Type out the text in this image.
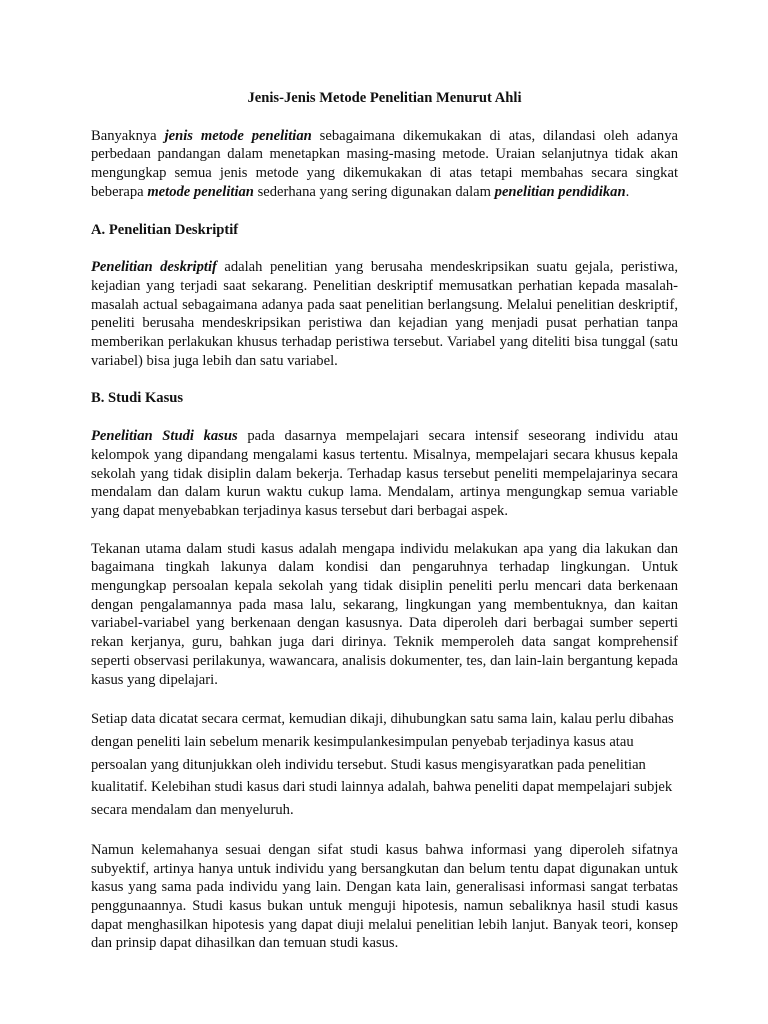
Jenis-Jenis Metode Penelitian Menurut Ahli

Banyaknya jenis metode penelitian sebagaimana dikemukakan di atas, dilandasi oleh adanya perbedaan pandangan dalam menetapkan masing-masing metode. Uraian selanjutnya tidak akan mengungkap semua jenis metode yang dikemukakan di atas tetapi membahas secara singkat beberapa metode penelitian sederhana yang sering digunakan dalam penelitian pendidikan.

A. Penelitian Deskriptif

Penelitian deskriptif adalah penelitian yang berusaha mendeskripsikan suatu gejala, peristiwa, kejadian yang terjadi saat sekarang. Penelitian deskriptif memusatkan perhatian kepada masalah-masalah actual sebagaimana adanya pada saat penelitian berlangsung. Melalui penelitian deskriptif, peneliti berusaha mendeskripsikan peristiwa dan kejadian yang menjadi pusat perhatian tanpa memberikan perlakukan khusus terhadap peristiwa tersebut. Variabel yang diteliti bisa tunggal (satu variabel) bisa juga lebih dan satu variabel.

B. Studi Kasus

Penelitian Studi kasus pada dasarnya mempelajari secara intensif seseorang individu atau kelompok yang dipandang mengalami kasus tertentu. Misalnya, mempelajari secara khusus kepala sekolah yang tidak disiplin dalam bekerja. Terhadap kasus tersebut peneliti mempelajarinya secara mendalam dan dalam kurun waktu cukup lama. Mendalam, artinya mengungkap semua variable yang dapat menyebabkan terjadinya kasus tersebut dari berbagai aspek.

Tekanan utama dalam studi kasus adalah mengapa individu melakukan apa yang dia lakukan dan bagaimana tingkah lakunya dalam kondisi dan pengaruhnya terhadap lingkungan. Untuk mengungkap persoalan kepala sekolah yang tidak disiplin peneliti perlu mencari data berkenaan dengan pengalamannya pada masa lalu, sekarang, lingkungan yang membentuknya, dan kaitan variabel-variabel yang berkenaan dengan kasusnya. Data diperoleh dari berbagai sumber seperti rekan kerjanya, guru, bahkan juga dari dirinya. Teknik memperoleh data sangat komprehensif seperti observasi perilakunya, wawancara, analisis dokumenter, tes, dan lain-lain bergantung kepada kasus yang dipelajari.

Setiap data dicatat secara cermat, kemudian dikaji, dihubungkan satu sama lain, kalau perlu dibahas dengan peneliti lain sebelum menarik kesimpulankesimpulan penyebab terjadinya kasus atau persoalan yang ditunjukkan oleh individu tersebut. Studi kasus mengisyaratkan pada penelitian kualitatif. Kelebihan studi kasus dari studi lainnya adalah, bahwa peneliti dapat mempelajari subjek secara mendalam dan menyeluruh.

Namun kelemahanya sesuai dengan sifat studi kasus bahwa informasi yang diperoleh sifatnya subyektif, artinya hanya untuk individu yang bersangkutan dan belum tentu dapat digunakan untuk kasus yang sama pada individu yang lain. Dengan kata lain, generalisasi informasi sangat terbatas penggunaannya. Studi kasus bukan untuk menguji hipotesis, namun sebaliknya hasil studi kasus dapat menghasilkan hipotesis yang dapat diuji melalui penelitian lebih lanjut. Banyak teori, konsep dan prinsip dapat dihasilkan dan temuan studi kasus.
